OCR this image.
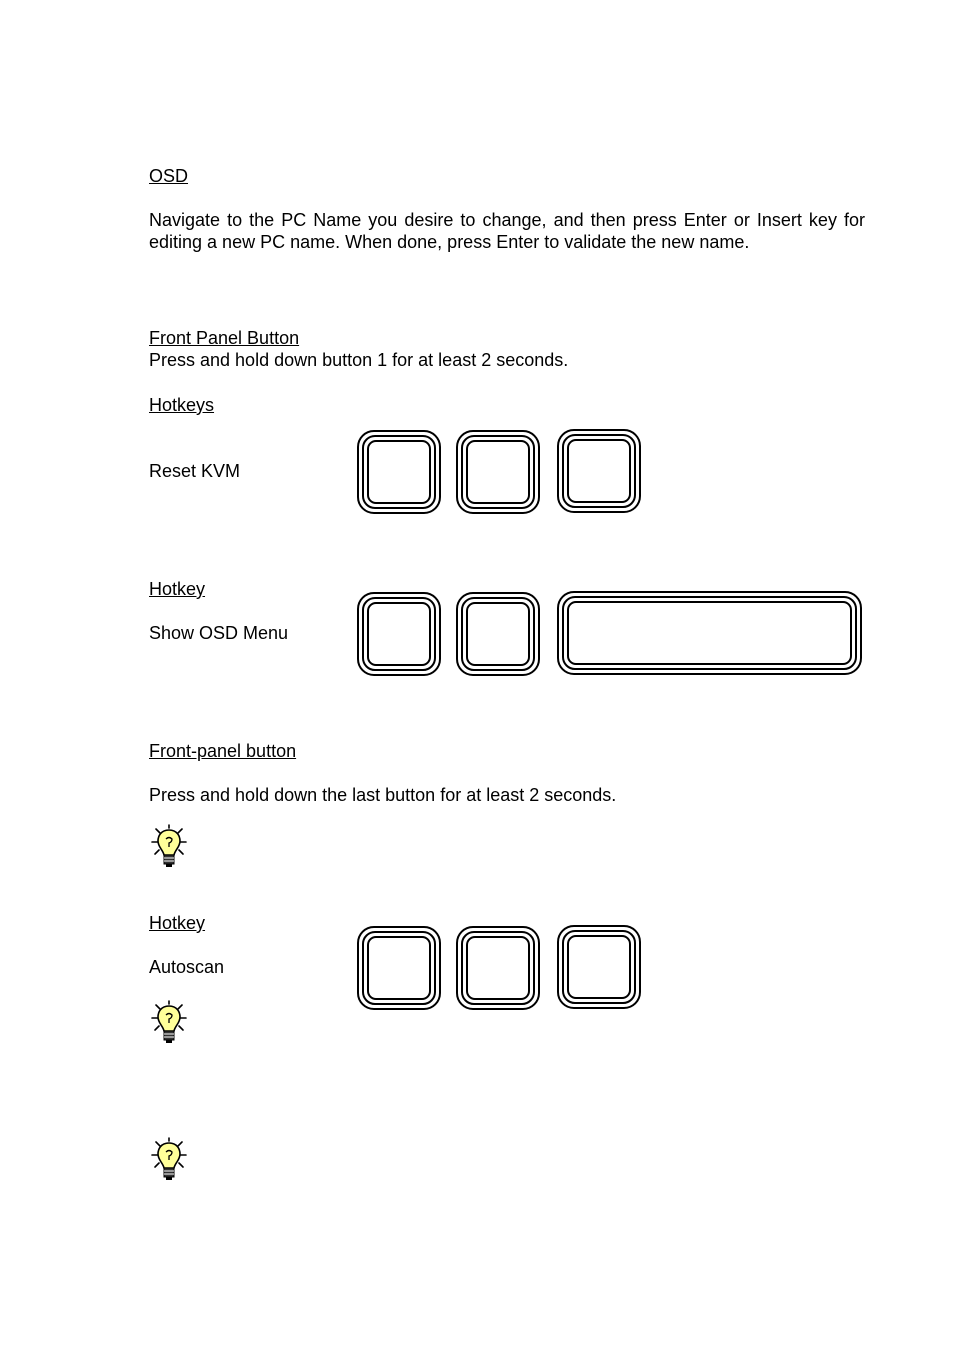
OSD
Navigate to the PC Name you desire to change, and then press Enter or Insert key for editing a new PC name. When done, press Enter to validate the new name.
Front Panel Button
Press and hold down button 1 for at least 2 seconds.
Hotkeys
Reset KVM
Hotkey
Show OSD Menu
Front-panel button
Press and hold down the last button for at least 2 seconds.
Hotkey
Autoscan
